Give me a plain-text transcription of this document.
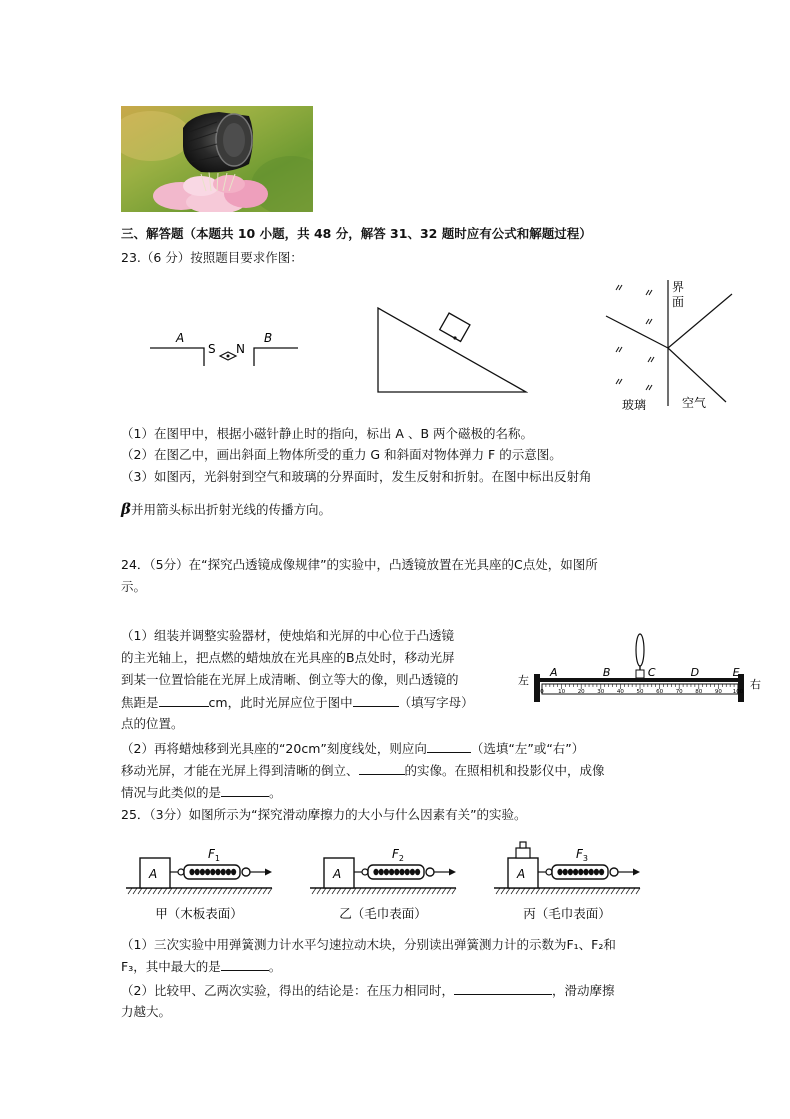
三、解答题（本题共 10 小题，共 48 分，解答 31、32 题时应有公式和解题过程）
23.（6 分）按照题目要求作图：
A
S N
B
界
面
玻璃	空气
（1）在图甲中，根据小磁针静止时的指向，标出 A 、B 两个磁极的名称。
（2）在图乙中，画出斜面上物体所受的重力 G 和斜面对物体弹力 F 的示意图。
（3）如图丙，光斜射到空气和玻璃的分界面时，发生反射和折射。在图中标出反射角
β并用箭头标出折射光线的传播方向。
24．（5分）在“探究凸透镜成像规律”的实验中，凸透镜放置在光具座的C点处，如图所
示。
（1）组装并调整实验器材，使烛焰和光屏的中心位于凸透镜
的主光轴上，把点燃的蜡烛放在光具座的B点处时，移动光屏
到某一位置恰能在光屏上成清晰、倒立等大的像，则凸透镜的
焦距是	cm，此时光屏应位于图中	（填写字母）
点的位置。
0	10 20 30 40 50 60 70 80 90 100
左	右
A	B	C	D	E
（2）再将蜡烛移到光具座的“20cm”刻度线处，则应向	（选填“左”或“右”）
移动光屏，才能在光屏上得到清晰的倒立、	的实像。在照相机和投影仪中，成像
情况与此类似的是	。
25．（3分）如图所示为“探究滑动摩擦力的大小与什么因素有关”的实验。
A
$F_1$
甲（木板表面）
A
$F_2$
乙（毛巾表面）
A
$F_3$
丙（毛巾表面）
（1）三次实验中用弹簧测力计水平匀速拉动木块，分别读出弹簧测力计的示数为F₁、F₂和
F₃，其中最大的是	。
（2）比较甲、乙两次实验，得出的结论是：在压力相同时，	，滑动摩擦
力越大。
